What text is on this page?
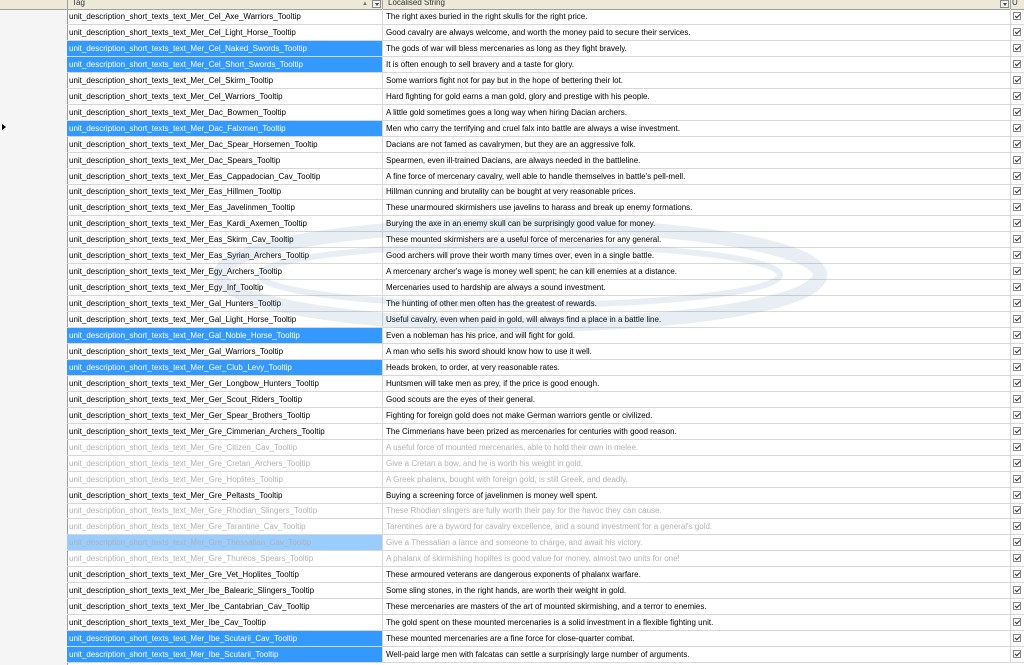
Tag	▲	Localised String	U
unit_description_short_texts_text_Mer_Cel_Axe_Warriors_Tooltip	The right axes buried in the right skulls for the right price.
unit_description_short_texts_text_Mer_Cel_Light_Horse_Tooltip	Good cavalry are always welcome, and worth the money paid to secure their services.
unit_description_short_texts_text_Mer_Cel_Naked_Swords_Tooltip	The gods of war will bless mercenaries as long as they fight bravely.
unit_description_short_texts_text_Mer_Cel_Short_Swords_Tooltip	It is often enough to sell bravery and a taste for glory.
unit_description_short_texts_text_Mer_Cel_Skirm_Tooltip	Some warriors fight not for pay but in the hope of bettering their lot.
unit_description_short_texts_text_Mer_Cel_Warriors_Tooltip	Hard fighting for gold earns a man gold, glory and prestige with his people.
unit_description_short_texts_text_Mer_Dac_Bowmen_Tooltip	A little gold sometimes goes a long way when hiring Dacian archers.
unit_description_short_texts_text_Mer_Dac_Falxmen_Tooltip	Men who carry the terrifying and cruel falx into battle are always a wise investment.
unit_description_short_texts_text_Mer_Dac_Spear_Horsemen_Tooltip	Dacians are not famed as cavalrymen, but they are an aggressive folk.
unit_description_short_texts_text_Mer_Dac_Spears_Tooltip	Spearmen, even ill-trained Dacians, are always needed in the battleline.
unit_description_short_texts_text_Mer_Eas_Cappadocian_Cav_Tooltip	A fine force of mercenary cavalry, well able to handle themselves in battle's pell-mell.
unit_description_short_texts_text_Mer_Eas_Hillmen_Tooltip	Hillman cunning and brutality can be bought at very reasonable prices.
unit_description_short_texts_text_Mer_Eas_Javelinmen_Tooltip	These unarmoured skirmishers use javelins to harass and break up enemy formations.
unit_description_short_texts_text_Mer_Eas_Kardi_Axemen_Tooltip	Burying the axe in an enemy skull can be surprisingly good value for money.
unit_description_short_texts_text_Mer_Eas_Skirm_Cav_Tooltip	These mounted skirmishers are a useful force of mercenaries for any general.
unit_description_short_texts_text_Mer_Eas_Syrian_Archers_Tooltip	Good archers will prove their worth many times over, even in a single battle.
unit_description_short_texts_text_Mer_Egy_Archers_Tooltip	A mercenary archer's wage is money well spent; he can kill enemies at a distance.
unit_description_short_texts_text_Mer_Egy_Inf_Tooltip	Mercenaries used to hardship are always a sound investment.
unit_description_short_texts_text_Mer_Gal_Hunters_Tooltip	The hunting of other men often has the greatest of rewards.
unit_description_short_texts_text_Mer_Gal_Light_Horse_Tooltip	Useful cavalry, even when paid in gold, will always find a place in a battle line.
unit_description_short_texts_text_Mer_Gal_Noble_Horse_Tooltip	Even a nobleman has his price, and will fight for gold.
unit_description_short_texts_text_Mer_Gal_Warriors_Tooltip	A man who sells his sword should know how to use it well.
unit_description_short_texts_text_Mer_Ger_Club_Levy_Tooltip	Heads broken, to order, at very reasonable rates.
unit_description_short_texts_text_Mer_Ger_Longbow_Hunters_Tooltip	Huntsmen will take men as prey, if the price is good enough.
unit_description_short_texts_text_Mer_Ger_Scout_Riders_Tooltip	Good scouts are the eyes of their general.
unit_description_short_texts_text_Mer_Ger_Spear_Brothers_Tooltip	Fighting for foreign gold does not make German warriors gentle or civilized.
unit_description_short_texts_text_Mer_Gre_Cimmerian_Archers_Tooltip	The Cimmerians have been prized as mercenaries for centuries with good reason.
unit_description_short_texts_text_Mer_Gre_Citizen_Cav_Tooltip	A useful force of mounted mercenaries, able to hold their own in melee.
unit_description_short_texts_text_Mer_Gre_Cretan_Archers_Tooltip	Give a Cretan a bow, and he is worth his weight in gold.
unit_description_short_texts_text_Mer_Gre_Hoplites_Tooltip	A Greek phalanx, bought with foreign gold, is still Greek, and deadly.
unit_description_short_texts_text_Mer_Gre_Peltasts_Tooltip	Buying a screening force of javelinmen is money well spent.
unit_description_short_texts_text_Mer_Gre_Rhodian_Slingers_Tooltip	These Rhodian slingers are fully worth their pay for the havoc they can cause.
unit_description_short_texts_text_Mer_Gre_Tarantine_Cav_Tooltip	Tarentines are a byword for cavalry excellence, and a sound investment for a general's gold.
unit_description_short_texts_text_Mer_Gre_Thessalian_Cav_Tooltip	Give a Thessalian a lance and someone to charge, and await his victory.
unit_description_short_texts_text_Mer_Gre_Thureos_Spears_Tooltip	A phalanx of skirmishing hoplites is good value for money, almost two units for one!
unit_description_short_texts_text_Mer_Gre_Vet_Hoplites_Tooltip	These armoured veterans are dangerous exponents of phalanx warfare.
unit_description_short_texts_text_Mer_Ibe_Balearic_Slingers_Tooltip	Some sling stones, in the right hands, are worth their weight in gold.
unit_description_short_texts_text_Mer_Ibe_Cantabrian_Cav_Tooltip	These mercenaries are masters of the art of mounted skirmishing, and a terror to enemies.
unit_description_short_texts_text_Mer_Ibe_Cav_Tooltip	The gold spent on these mounted mercenaries is a solid investment in a flexible fighting unit.
unit_description_short_texts_text_Mer_Ibe_Scutarii_Cav_Tooltip	These mounted mercenaries are a fine force for close-quarter combat.
unit_description_short_texts_text_Mer_Ibe_Scutarii_Tooltip	Well-paid large men with falcatas can settle a surprisingly large number of arguments.
